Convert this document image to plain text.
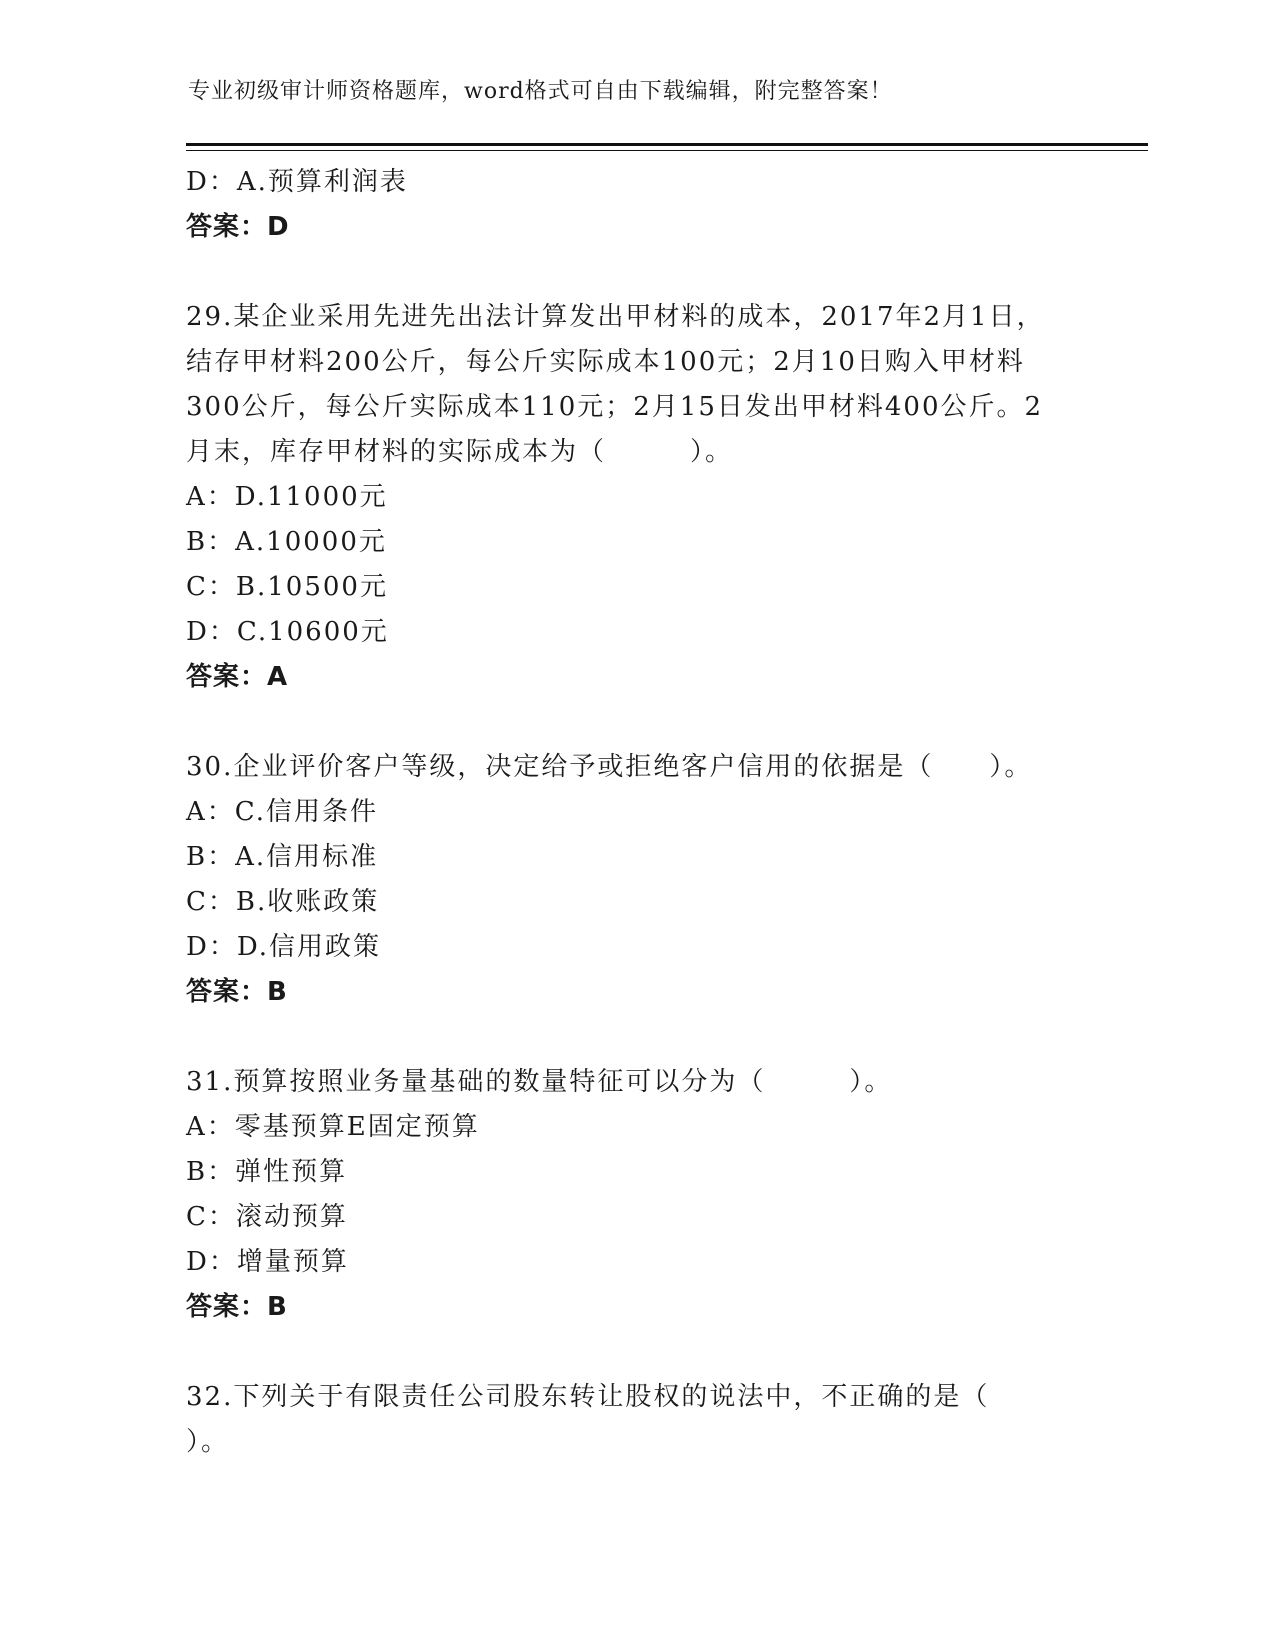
专业初级审计师资格题库，word格式可自由下载编辑，附完整答案！
D：A.预算利润表
答案：D
29.某企业采用先进先出法计算发出甲材料的成本，2017年2月1日，
结存甲材料200公斤，每公斤实际成本100元；2月10日购入甲材料
300公斤，每公斤实际成本110元；2月15日发出甲材料400公斤。2
月末，库存甲材料的实际成本为（　　　）。
A：D.11000元
B：A.10000元
C：B.10500元
D：C.10600元
答案：A
30.企业评价客户等级，决定给予或拒绝客户信用的依据是（　　）。
A：C.信用条件
B：A.信用标准
C：B.收账政策
D：D.信用政策
答案：B
31.预算按照业务量基础的数量特征可以分为（　　　）。
A：零基预算E固定预算
B：弹性预算
C：滚动预算
D：增量预算
答案：B
32.下列关于有限责任公司股东转让股权的说法中，不正确的是（
）。
